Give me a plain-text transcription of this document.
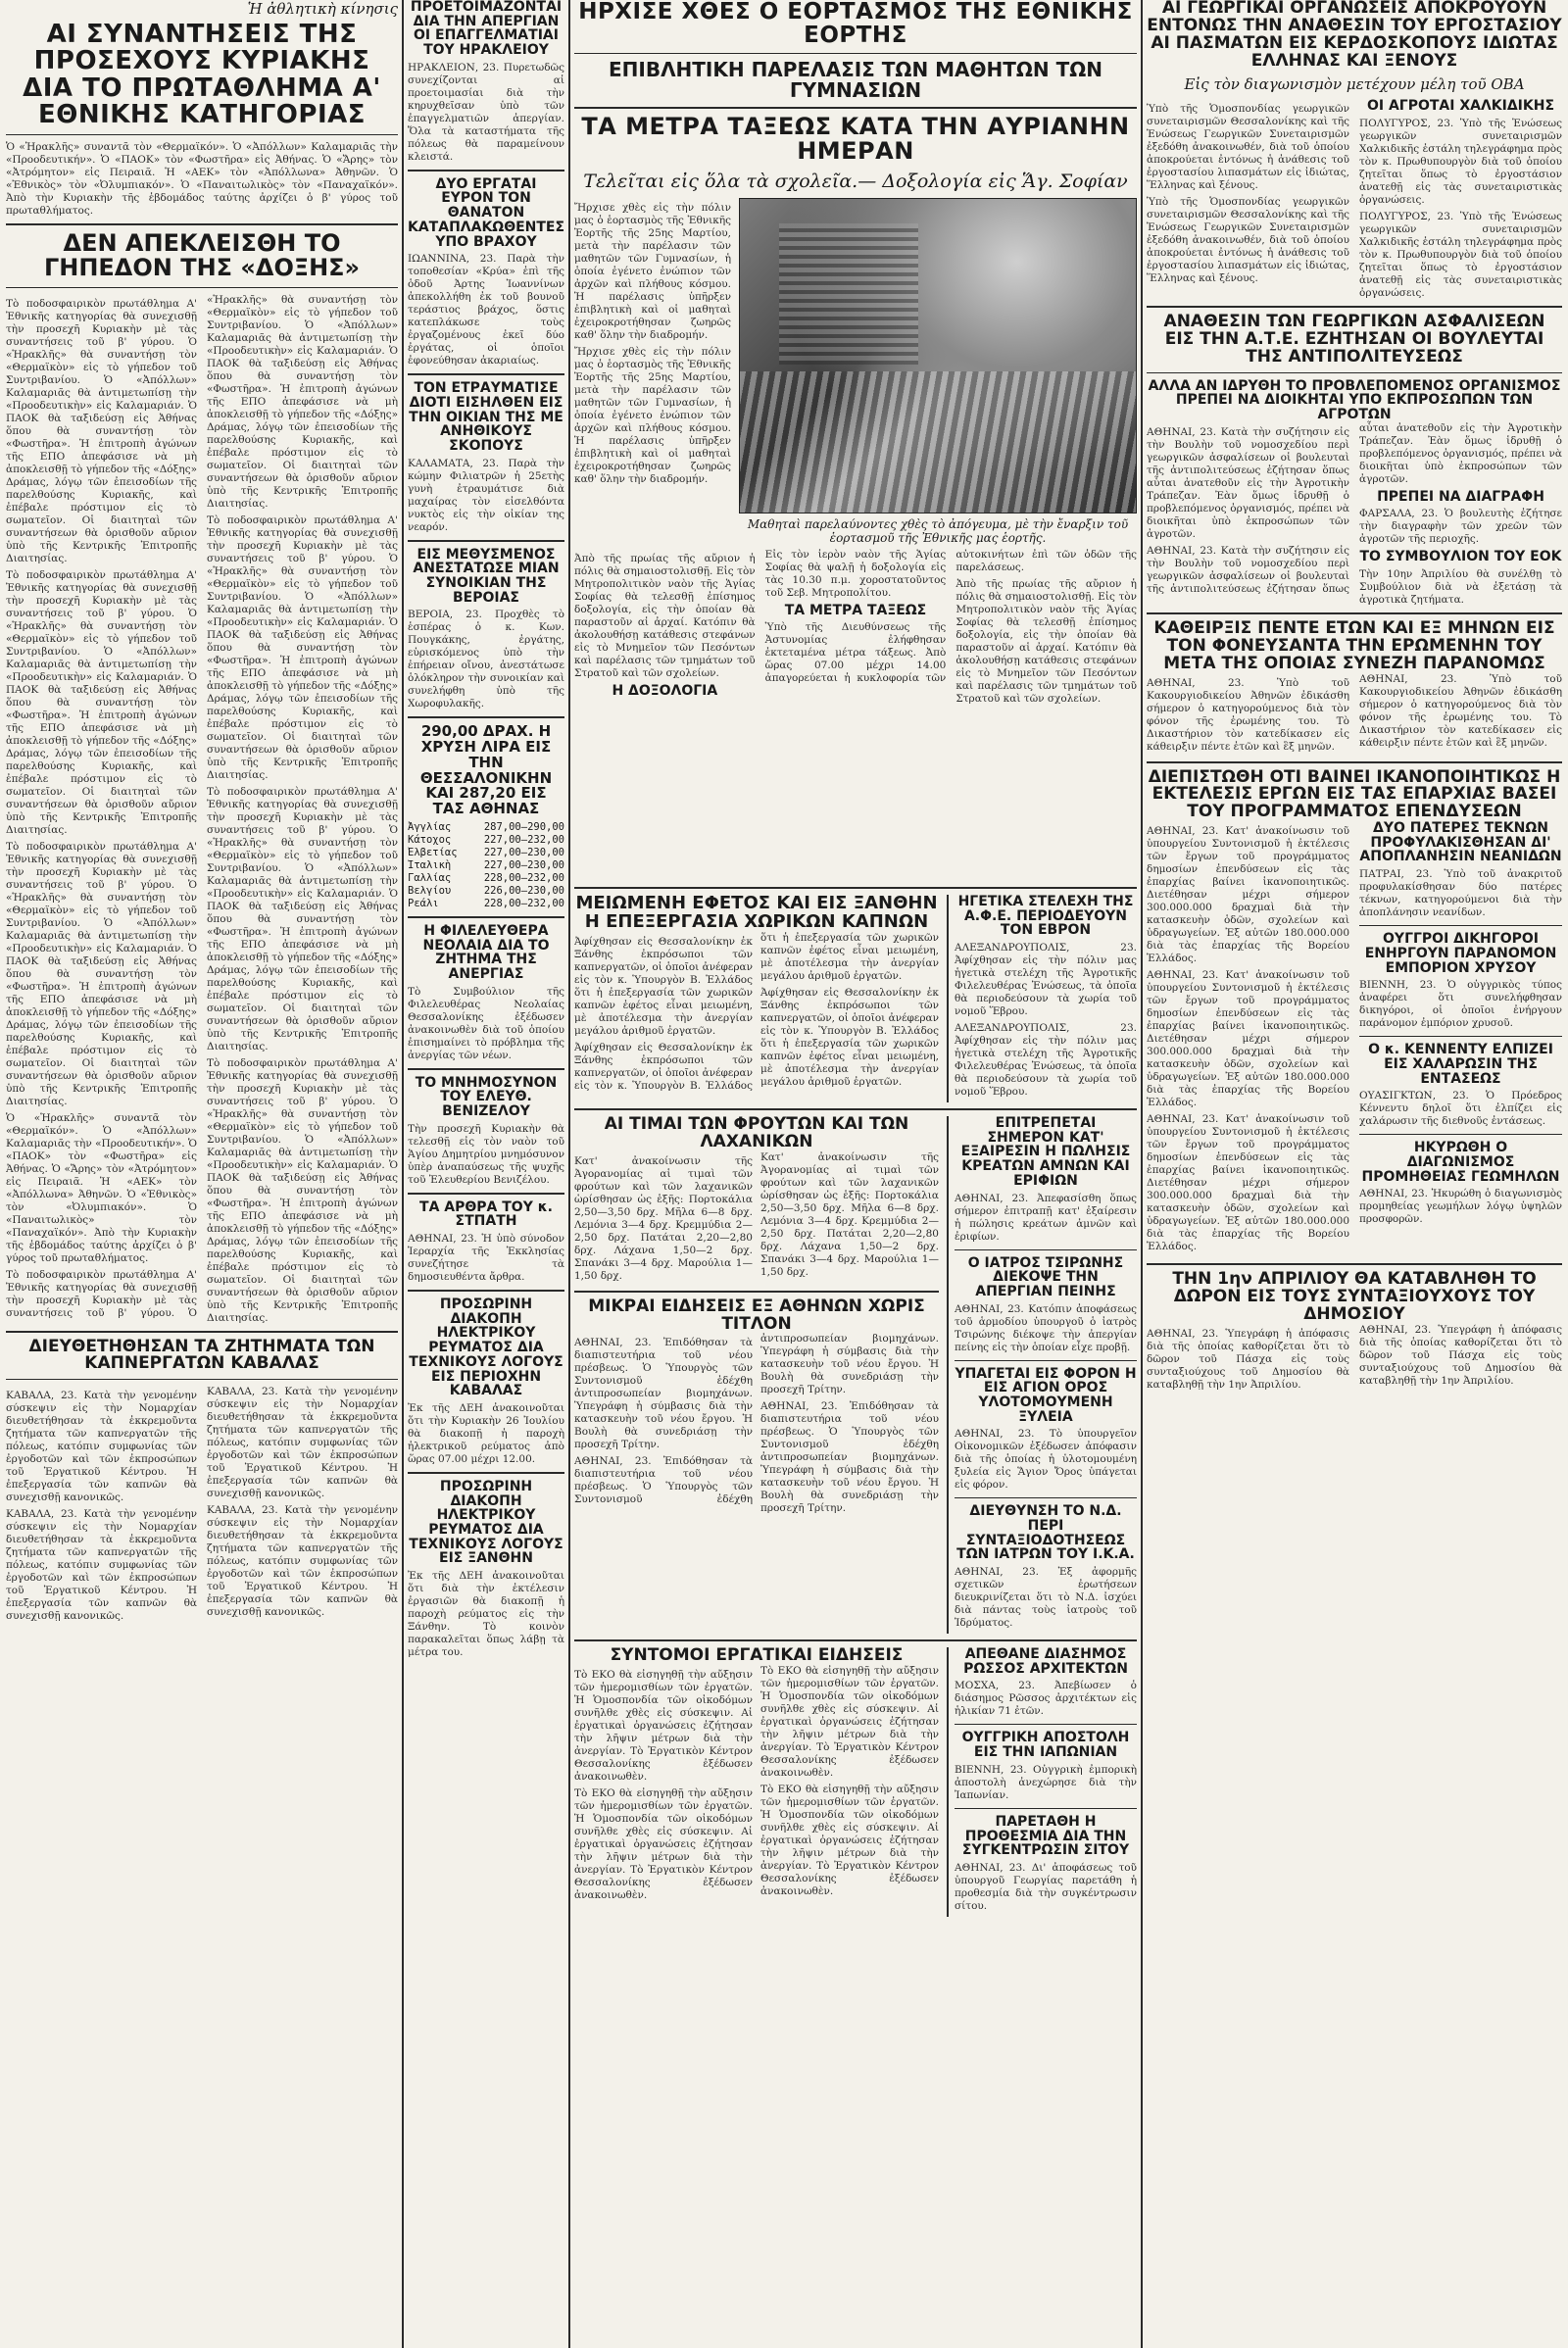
Ἡ ἀθλητικὴ κίνησις
ΑΙ ΣΥΝΑΝΤΗΣΕΙΣ ΤΗΣ ΠΡΟΣΕΧΟΥΣ ΚΥΡΙΑΚΗΣ ΔΙΑ ΤΟ ΠΡΩΤΑΘΛΗΜΑ Α' ΕΘΝΙΚΗΣ ΚΑΤΗΓΟΡΙΑΣ
Ὁ «Ἡρακλῆς» συναντᾶ τὸν «Θερμαϊκόν». Ὁ «Ἀπόλλων» Καλαμαριᾶς τὴν «Προοδευτικήν». Ὁ «ΠΑΟΚ» τὸν «Φωστῆρα» εἰς Ἀθήνας. Ὁ «Ἄρης» τὸν «Ἀτρόμητον» εἰς Πειραιᾶ. Ἡ «ΑΕΚ» τὸν «Ἀπόλλωνα» Ἀθηνῶν. Ὁ «Ἐθνικὸς» τὸν «Ὀλυμπιακόν». Ὁ «Παναιτωλικὸς» τὸν «Παναχαϊκόν». Ἀπὸ τὴν Κυριακὴν τῆς ἑβδομάδος ταύτης ἀρχίζει ὁ β' γύρος τοῦ πρωταθλήματος.
ΔΕΝ ΑΠΕΚΛΕΙΣΘΗ ΤΟ ΓΗΠΕΔΟΝ ΤΗΣ «ΔΟΞΗΣ»
Τὸ ποδοσφαιρικὸν πρωτάθλημα Α' Ἐθνικῆς κατηγορίας θὰ συνεχισθῇ τὴν προσεχῆ Κυριακὴν μὲ τὰς συναντήσεις τοῦ β' γύρου. Ὁ «Ἡρακλῆς» θὰ συναντήσῃ τὸν «Θερμαϊκὸν» εἰς τὸ γήπεδον τοῦ Συντριβανίου. Ὁ «Ἀπόλλων» Καλαμαριᾶς θὰ ἀντιμετωπίσῃ τὴν «Προοδευτικὴν» εἰς Καλαμαριάν. Ὁ ΠΑΟΚ θὰ ταξιδεύσῃ εἰς Ἀθήνας ὅπου θὰ συναντήσῃ τὸν «Φωστῆρα». Ἡ ἐπιτροπὴ ἀγώνων τῆς ΕΠΟ ἀπεφάσισε νὰ μὴ ἀποκλεισθῇ τὸ γήπεδον τῆς «Δόξης» Δράμας, λόγῳ τῶν ἐπεισοδίων τῆς παρελθούσης Κυριακῆς, καὶ ἐπέβαλε πρόστιμον εἰς τὸ σωματεῖον. Οἱ διαιτηταὶ τῶν συναντήσεων θὰ ὁρισθοῦν αὔριον ὑπὸ τῆς Κεντρικῆς Ἐπιτροπῆς Διαιτησίας.
Τὸ ποδοσφαιρικὸν πρωτάθλημα Α' Ἐθνικῆς κατηγορίας θὰ συνεχισθῇ τὴν προσεχῆ Κυριακὴν μὲ τὰς συναντήσεις τοῦ β' γύρου. Ὁ «Ἡρακλῆς» θὰ συναντήσῃ τὸν «Θερμαϊκὸν» εἰς τὸ γήπεδον τοῦ Συντριβανίου. Ὁ «Ἀπόλλων» Καλαμαριᾶς θὰ ἀντιμετωπίσῃ τὴν «Προοδευτικὴν» εἰς Καλαμαριάν. Ὁ ΠΑΟΚ θὰ ταξιδεύσῃ εἰς Ἀθήνας ὅπου θὰ συναντήσῃ τὸν «Φωστῆρα». Ἡ ἐπιτροπὴ ἀγώνων τῆς ΕΠΟ ἀπεφάσισε νὰ μὴ ἀποκλεισθῇ τὸ γήπεδον τῆς «Δόξης» Δράμας, λόγῳ τῶν ἐπεισοδίων τῆς παρελθούσης Κυριακῆς, καὶ ἐπέβαλε πρόστιμον εἰς τὸ σωματεῖον. Οἱ διαιτηταὶ τῶν συναντήσεων θὰ ὁρισθοῦν αὔριον ὑπὸ τῆς Κεντρικῆς Ἐπιτροπῆς Διαιτησίας.
Τὸ ποδοσφαιρικὸν πρωτάθλημα Α' Ἐθνικῆς κατηγορίας θὰ συνεχισθῇ τὴν προσεχῆ Κυριακὴν μὲ τὰς συναντήσεις τοῦ β' γύρου. Ὁ «Ἡρακλῆς» θὰ συναντήσῃ τὸν «Θερμαϊκὸν» εἰς τὸ γήπεδον τοῦ Συντριβανίου. Ὁ «Ἀπόλλων» Καλαμαριᾶς θὰ ἀντιμετωπίσῃ τὴν «Προοδευτικὴν» εἰς Καλαμαριάν. Ὁ ΠΑΟΚ θὰ ταξιδεύσῃ εἰς Ἀθήνας ὅπου θὰ συναντήσῃ τὸν «Φωστῆρα». Ἡ ἐπιτροπὴ ἀγώνων τῆς ΕΠΟ ἀπεφάσισε νὰ μὴ ἀποκλεισθῇ τὸ γήπεδον τῆς «Δόξης» Δράμας, λόγῳ τῶν ἐπεισοδίων τῆς παρελθούσης Κυριακῆς, καὶ ἐπέβαλε πρόστιμον εἰς τὸ σωματεῖον. Οἱ διαιτηταὶ τῶν συναντήσεων θὰ ὁρισθοῦν αὔριον ὑπὸ τῆς Κεντρικῆς Ἐπιτροπῆς Διαιτησίας.
Ὁ «Ἡρακλῆς» συναντᾶ τὸν «Θερμαϊκόν». Ὁ «Ἀπόλλων» Καλαμαριᾶς τὴν «Προοδευτικήν». Ὁ «ΠΑΟΚ» τὸν «Φωστῆρα» εἰς Ἀθήνας. Ὁ «Ἄρης» τὸν «Ἀτρόμητον» εἰς Πειραιᾶ. Ἡ «ΑΕΚ» τὸν «Ἀπόλλωνα» Ἀθηνῶν. Ὁ «Ἐθνικὸς» τὸν «Ὀλυμπιακόν». Ὁ «Παναιτωλικὸς» τὸν «Παναχαϊκόν». Ἀπὸ τὴν Κυριακὴν τῆς ἑβδομάδος ταύτης ἀρχίζει ὁ β' γύρος τοῦ πρωταθλήματος.
Τὸ ποδοσφαιρικὸν πρωτάθλημα Α' Ἐθνικῆς κατηγορίας θὰ συνεχισθῇ τὴν προσεχῆ Κυριακὴν μὲ τὰς συναντήσεις τοῦ β' γύρου. Ὁ «Ἡρακλῆς» θὰ συναντήσῃ τὸν «Θερμαϊκὸν» εἰς τὸ γήπεδον τοῦ Συντριβανίου. Ὁ «Ἀπόλλων» Καλαμαριᾶς θὰ ἀντιμετωπίσῃ τὴν «Προοδευτικὴν» εἰς Καλαμαριάν. Ὁ ΠΑΟΚ θὰ ταξιδεύσῃ εἰς Ἀθήνας ὅπου θὰ συναντήσῃ τὸν «Φωστῆρα». Ἡ ἐπιτροπὴ ἀγώνων τῆς ΕΠΟ ἀπεφάσισε νὰ μὴ ἀποκλεισθῇ τὸ γήπεδον τῆς «Δόξης» Δράμας, λόγῳ τῶν ἐπεισοδίων τῆς παρελθούσης Κυριακῆς, καὶ ἐπέβαλε πρόστιμον εἰς τὸ σωματεῖον. Οἱ διαιτηταὶ τῶν συναντήσεων θὰ ὁρισθοῦν αὔριον ὑπὸ τῆς Κεντρικῆς Ἐπιτροπῆς Διαιτησίας.
Τὸ ποδοσφαιρικὸν πρωτάθλημα Α' Ἐθνικῆς κατηγορίας θὰ συνεχισθῇ τὴν προσεχῆ Κυριακὴν μὲ τὰς συναντήσεις τοῦ β' γύρου. Ὁ «Ἡρακλῆς» θὰ συναντήσῃ τὸν «Θερμαϊκὸν» εἰς τὸ γήπεδον τοῦ Συντριβανίου. Ὁ «Ἀπόλλων» Καλαμαριᾶς θὰ ἀντιμετωπίσῃ τὴν «Προοδευτικὴν» εἰς Καλαμαριάν. Ὁ ΠΑΟΚ θὰ ταξιδεύσῃ εἰς Ἀθήνας ὅπου θὰ συναντήσῃ τὸν «Φωστῆρα». Ἡ ἐπιτροπὴ ἀγώνων τῆς ΕΠΟ ἀπεφάσισε νὰ μὴ ἀποκλεισθῇ τὸ γήπεδον τῆς «Δόξης» Δράμας, λόγῳ τῶν ἐπεισοδίων τῆς παρελθούσης Κυριακῆς, καὶ ἐπέβαλε πρόστιμον εἰς τὸ σωματεῖον. Οἱ διαιτηταὶ τῶν συναντήσεων θὰ ὁρισθοῦν αὔριον ὑπὸ τῆς Κεντρικῆς Ἐπιτροπῆς Διαιτησίας.
Τὸ ποδοσφαιρικὸν πρωτάθλημα Α' Ἐθνικῆς κατηγορίας θὰ συνεχισθῇ τὴν προσεχῆ Κυριακὴν μὲ τὰς συναντήσεις τοῦ β' γύρου. Ὁ «Ἡρακλῆς» θὰ συναντήσῃ τὸν «Θερμαϊκὸν» εἰς τὸ γήπεδον τοῦ Συντριβανίου. Ὁ «Ἀπόλλων» Καλαμαριᾶς θὰ ἀντιμετωπίσῃ τὴν «Προοδευτικὴν» εἰς Καλαμαριάν. Ὁ ΠΑΟΚ θὰ ταξιδεύσῃ εἰς Ἀθήνας ὅπου θὰ συναντήσῃ τὸν «Φωστῆρα». Ἡ ἐπιτροπὴ ἀγώνων τῆς ΕΠΟ ἀπεφάσισε νὰ μὴ ἀποκλεισθῇ τὸ γήπεδον τῆς «Δόξης» Δράμας, λόγῳ τῶν ἐπεισοδίων τῆς παρελθούσης Κυριακῆς, καὶ ἐπέβαλε πρόστιμον εἰς τὸ σωματεῖον. Οἱ διαιτηταὶ τῶν συναντήσεων θὰ ὁρισθοῦν αὔριον ὑπὸ τῆς Κεντρικῆς Ἐπιτροπῆς Διαιτησίας.
Τὸ ποδοσφαιρικὸν πρωτάθλημα Α' Ἐθνικῆς κατηγορίας θὰ συνεχισθῇ τὴν προσεχῆ Κυριακὴν μὲ τὰς συναντήσεις τοῦ β' γύρου. Ὁ «Ἡρακλῆς» θὰ συναντήσῃ τὸν «Θερμαϊκὸν» εἰς τὸ γήπεδον τοῦ Συντριβανίου. Ὁ «Ἀπόλλων» Καλαμαριᾶς θὰ ἀντιμετωπίσῃ τὴν «Προοδευτικὴν» εἰς Καλαμαριάν. Ὁ ΠΑΟΚ θὰ ταξιδεύσῃ εἰς Ἀθήνας ὅπου θὰ συναντήσῃ τὸν «Φωστῆρα». Ἡ ἐπιτροπὴ ἀγώνων τῆς ΕΠΟ ἀπεφάσισε νὰ μὴ ἀποκλεισθῇ τὸ γήπεδον τῆς «Δόξης» Δράμας, λόγῳ τῶν ἐπεισοδίων τῆς παρελθούσης Κυριακῆς, καὶ ἐπέβαλε πρόστιμον εἰς τὸ σωματεῖον. Οἱ διαιτηταὶ τῶν συναντήσεων θὰ ὁρισθοῦν αὔριον ὑπὸ τῆς Κεντρικῆς Ἐπιτροπῆς Διαιτησίας.
ΔΙΕΥΘΕΤΗΘΗΣΑΝ ΤΑ ΖΗΤΗΜΑΤΑ ΤΩΝ ΚΑΠΝΕΡΓΑΤΩΝ ΚΑΒΑΛΑΣ
ΚΑΒΑΛΑ, 23. Κατὰ τὴν γενομένην σύσκεψιν εἰς τὴν Νομαρχίαν διευθετήθησαν τὰ ἐκκρεμοῦντα ζητήματα τῶν καπνεργατῶν τῆς πόλεως, κατόπιν συμφωνίας τῶν ἐργοδοτῶν καὶ τῶν ἐκπροσώπων τοῦ Ἐργατικοῦ Κέντρου. Ἡ ἐπεξεργασία τῶν καπνῶν θὰ συνεχισθῇ κανονικῶς.
ΚΑΒΑΛΑ, 23. Κατὰ τὴν γενομένην σύσκεψιν εἰς τὴν Νομαρχίαν διευθετήθησαν τὰ ἐκκρεμοῦντα ζητήματα τῶν καπνεργατῶν τῆς πόλεως, κατόπιν συμφωνίας τῶν ἐργοδοτῶν καὶ τῶν ἐκπροσώπων τοῦ Ἐργατικοῦ Κέντρου. Ἡ ἐπεξεργασία τῶν καπνῶν θὰ συνεχισθῇ κανονικῶς.
ΚΑΒΑΛΑ, 23. Κατὰ τὴν γενομένην σύσκεψιν εἰς τὴν Νομαρχίαν διευθετήθησαν τὰ ἐκκρεμοῦντα ζητήματα τῶν καπνεργατῶν τῆς πόλεως, κατόπιν συμφωνίας τῶν ἐργοδοτῶν καὶ τῶν ἐκπροσώπων τοῦ Ἐργατικοῦ Κέντρου. Ἡ ἐπεξεργασία τῶν καπνῶν θὰ συνεχισθῇ κανονικῶς.
ΚΑΒΑΛΑ, 23. Κατὰ τὴν γενομένην σύσκεψιν εἰς τὴν Νομαρχίαν διευθετήθησαν τὰ ἐκκρεμοῦντα ζητήματα τῶν καπνεργατῶν τῆς πόλεως, κατόπιν συμφωνίας τῶν ἐργοδοτῶν καὶ τῶν ἐκπροσώπων τοῦ Ἐργατικοῦ Κέντρου. Ἡ ἐπεξεργασία τῶν καπνῶν θὰ συνεχισθῇ κανονικῶς.
ΠΡΟΕΤΟΙΜΑΖΟΝΤΑΙ ΔΙΑ ΤΗΝ ΑΠΕΡΓΙΑΝ ΟΙ ΕΠΑΓΓΕΛΜΑΤΙΑΙ ΤΟΥ ΗΡΑΚΛΕΙΟΥ
ΗΡΑΚΛΕΙΟΝ, 23. Πυρετωδῶς συνεχίζονται αἱ προετοιμασίαι διὰ τὴν κηρυχθεῖσαν ὑπὸ τῶν ἐπαγγελματιῶν ἀπεργίαν. Ὅλα τὰ καταστήματα τῆς πόλεως θὰ παραμείνουν κλειστά.
ΔΥΟ ΕΡΓΑΤΑΙ ΕΥΡΟΝ ΤΟΝ ΘΑΝΑΤΟΝ ΚΑΤΑΠΛΑΚΩΘΕΝΤΕΣ ΥΠΟ ΒΡΑΧΟΥ
ΙΩΑΝΝΙΝΑ, 23. Παρὰ τὴν τοποθεσίαν «Κρύα» ἐπὶ τῆς ὁδοῦ Ἀρτης Ἰωαννίνων ἀπεκολλήθη ἐκ τοῦ βουνοῦ τεράστιος βράχος, ὅστις κατεπλάκωσε τοὺς ἐργαζομένους ἐκεῖ δύο ἐργάτας, οἱ ὁποῖοι ἐφονεύθησαν ἀκαριαίως.
ΤΟΝ ΕΤΡΑΥΜΑΤΙΣΕ ΔΙΟΤΙ ΕΙΣΗΛΘΕΝ ΕΙΣ ΤΗΝ ΟΙΚΙΑΝ ΤΗΣ ΜΕ ΑΝΗΘΙΚΟΥΣ ΣΚΟΠΟΥΣ
ΚΑΛΑΜΑΤΑ, 23. Παρὰ τὴν κώμην Φιλιατρῶν ἡ 25ετὴς γυνὴ ἐτραυμάτισε διὰ μαχαίρας τὸν εἰσελθόντα νυκτὸς εἰς τὴν οἰκίαν της νεαρόν.
ΕΙΣ ΜΕΘΥΣΜΕΝΟΣ ΑΝΕΣΤΑΤΩΣΕ ΜΙΑΝ ΣΥΝΟΙΚΙΑΝ ΤΗΣ ΒΕΡΟΙΑΣ
ΒΕΡΟΙΑ, 23. Προχθὲς τὸ ἑσπέρας ὁ κ. Κων. Πουγκάκης, ἐργάτης, εὑρισκόμενος ὑπὸ τὴν ἐπήρειαν οἴνου, ἀνεστάτωσε ὁλόκληρον τὴν συνοικίαν καὶ συνελήφθη ὑπὸ τῆς Χωροφυλακῆς.
290,00 ΔΡΑΧ. Η ΧΡΥΣΗ ΛΙΡΑ ΕΙΣ ΤΗΝ ΘΕΣΣΑΛΟΝΙΚΗΝ ΚΑΙ 287,20 ΕΙΣ ΤΑΣ ΑΘΗΝΑΣ
Ἀγγλίας	287,00—290,00
Κάτοχος	227,00—232,00
Ἑλβετίας	227,00—230,00
Ἰταλικὴ	227,00—230,00
Γαλλίας	228,00—232,00
Βελγίου	226,00—230,00
Ρεάλι	228,00—232,00
Η ΦΙΛΕΛΕΥΘΕΡΑ ΝΕΟΛΑΙΑ ΔΙΑ ΤΟ ΖΗΤΗΜΑ ΤΗΣ ΑΝΕΡΓΙΑΣ
Τὸ Συμβούλιον τῆς Φιλελευθέρας Νεολαίας Θεσσαλονίκης ἐξέδωσεν ἀνακοινωθὲν διὰ τοῦ ὁποίου ἐπισημαίνει τὸ πρόβλημα τῆς ἀνεργίας τῶν νέων.
ΤΟ ΜΝΗΜΟΣΥΝΟΝ ΤΟΥ ΕΛΕΥΘ. ΒΕΝΙΖΕΛΟΥ
Τὴν προσεχῆ Κυριακὴν θὰ τελεσθῇ εἰς τὸν ναὸν τοῦ Ἁγίου Δημητρίου μνημόσυνον ὑπὲρ ἀναπαύσεως τῆς ψυχῆς τοῦ Ἐλευθερίου Βενιζέλου.
ΤΑ ΑΡΘΡΑ ΤΟΥ κ. ΣΤΠΑΤΗ
ΑΘΗΝΑΙ, 23. Ἡ ὑπὸ σύνοδον Ἱεραρχία τῆς Ἐκκλησίας συνεζήτησε τὰ δημοσιευθέντα ἄρθρα.
ΠΡΟΣΩΡΙΝΗ ΔΙΑΚΟΠΗ ΗΛΕΚΤΡΙΚΟΥ ΡΕΥΜΑΤΟΣ ΔΙΑ ΤΕΧΝΙΚΟΥΣ ΛΟΓΟΥΣ ΕΙΣ ΠΕΡΙΟΧΗΝ ΚΑΒΑΛΑΣ
Ἐκ τῆς ΔΕΗ ἀνακοινοῦται ὅτι τὴν Κυριακὴν 26 Ἰουλίου θὰ διακοπῇ ἡ παροχὴ ἠλεκτρικοῦ ρεύματος ἀπὸ ὥρας 07.00 μέχρι 12.00.
ΠΡΟΣΩΡΙΝΗ ΔΙΑΚΟΠΗ ΗΛΕΚΤΡΙΚΟΥ ΡΕΥΜΑΤΟΣ ΔΙΑ ΤΕΧΝΙΚΟΥΣ ΛΟΓΟΥΣ ΕΙΣ ΞΑΝΘΗΝ
Ἐκ τῆς ΔΕΗ ἀνακοινοῦται ὅτι διὰ τὴν ἐκτέλεσιν ἐργασιῶν θὰ διακοπῇ ἡ παροχὴ ρεύματος εἰς τὴν Ξάνθην. Τὸ κοινὸν παρακαλεῖται ὅπως λάβῃ τὰ μέτρα του.
ΗΡΧΙΣΕ ΧΘΕΣ Ο ΕΟΡΤΑΣΜΟΣ ΤΗΣ ΕΘΝΙΚΗΣ ΕΟΡΤΗΣ
ΕΠΙΒΛΗΤΙΚΗ ΠΑΡΕΛΑΣΙΣ ΤΩΝ ΜΑΘΗΤΩΝ ΤΩΝ ΓΥΜΝΑΣΙΩΝ
ΤΑ ΜΕΤΡΑ ΤΑΞΕΩΣ ΚΑΤΑ ΤΗΝ ΑΥΡΙΑΝΗΝ ΗΜΕΡΑΝ
Τελεῖται εἰς ὅλα τὰ σχολεῖα.— Δοξολογία εἰς Ἅγ. Σοφίαν
Ἤρχισε χθὲς εἰς τὴν πόλιν μας ὁ ἑορτασμὸς τῆς Ἐθνικῆς Ἑορτῆς τῆς 25ης Μαρτίου, μετὰ τὴν παρέλασιν τῶν μαθητῶν τῶν Γυμνασίων, ἡ ὁποία ἐγένετο ἐνώπιον τῶν ἀρχῶν καὶ πλήθους κόσμου. Ἡ παρέλασις ὑπῆρξεν ἐπιβλητικὴ καὶ οἱ μαθηταὶ ἐχειροκροτήθησαν ζωηρῶς καθ' ὅλην τὴν διαδρομήν.
Ἤρχισε χθὲς εἰς τὴν πόλιν μας ὁ ἑορτασμὸς τῆς Ἐθνικῆς Ἑορτῆς τῆς 25ης Μαρτίου, μετὰ τὴν παρέλασιν τῶν μαθητῶν τῶν Γυμνασίων, ἡ ὁποία ἐγένετο ἐνώπιον τῶν ἀρχῶν καὶ πλήθους κόσμου. Ἡ παρέλασις ὑπῆρξεν ἐπιβλητικὴ καὶ οἱ μαθηταὶ ἐχειροκροτήθησαν ζωηρῶς καθ' ὅλην τὴν διαδρομήν.
Μαθηταὶ παρελαύνοντες χθὲς τὸ ἀπόγευμα, μὲ τὴν ἔναρξιν τοῦ ἑορτασμοῦ τῆς Ἐθνικῆς μας ἑορτῆς.
Ἀπὸ τῆς πρωίας τῆς αὔριον ἡ πόλις θὰ σημαιοστολισθῇ. Εἰς τὸν Μητροπολιτικὸν ναὸν τῆς Ἁγίας Σοφίας θὰ τελεσθῇ ἐπίσημος δοξολογία, εἰς τὴν ὁποίαν θὰ παραστοῦν αἱ ἀρχαί. Κατόπιν θὰ ἀκολουθήσῃ κατάθεσις στεφάνων εἰς τὸ Μνημεῖον τῶν Πεσόντων καὶ παρέλασις τῶν τμημάτων τοῦ Στρατοῦ καὶ τῶν σχολείων.
Η ΔΟΞΟΛΟΓΙΑ
Εἰς τὸν ἱερὸν ναὸν τῆς Ἁγίας Σοφίας θὰ ψαλῇ ἡ δοξολογία εἰς τὰς 10.30 π.μ. χοροστατοῦντος τοῦ Σεβ. Μητροπολίτου.
ΤΑ ΜΕΤΡΑ ΤΑΞΕΩΣ
Ὑπὸ τῆς Διευθύνσεως τῆς Ἀστυνομίας ἐλήφθησαν ἐκτεταμένα μέτρα τάξεως. Ἀπὸ ὥρας 07.00 μέχρι 14.00 ἀπαγορεύεται ἡ κυκλοφορία τῶν αὐτοκινήτων ἐπὶ τῶν ὁδῶν τῆς παρελάσεως.
Ἀπὸ τῆς πρωίας τῆς αὔριον ἡ πόλις θὰ σημαιοστολισθῇ. Εἰς τὸν Μητροπολιτικὸν ναὸν τῆς Ἁγίας Σοφίας θὰ τελεσθῇ ἐπίσημος δοξολογία, εἰς τὴν ὁποίαν θὰ παραστοῦν αἱ ἀρχαί. Κατόπιν θὰ ἀκολουθήσῃ κατάθεσις στεφάνων εἰς τὸ Μνημεῖον τῶν Πεσόντων καὶ παρέλασις τῶν τμημάτων τοῦ Στρατοῦ καὶ τῶν σχολείων.
ΑΙ ΓΕΩΡΓΙΚΑΙ ΟΡΓΑΝΩΣΕΙΣ ΑΠΟΚΡΟΥΟΥΝ ΕΝΤΟΝΩΣ ΤΗΝ ΑΝΑΘΕΣΙΝ ΤΟΥ ΕΡΓΟΣΤΑΣΙΟΥ ΑΙ ΠΑΣΜΑΤΩΝ ΕΙΣ ΚΕΡΔΟΣΚΟΠΟΥΣ ΙΔΙΩΤΑΣ ΕΛΛΗΝΑΣ ΚΑΙ ΞΕΝΟΥΣ
Εἰς τὸν διαγωνισμὸν μετέχουν μέλη τοῦ ΟΒΑ
Ὑπὸ τῆς Ὁμοσπονδίας γεωργικῶν συνεταιρισμῶν Θεσσαλονίκης καὶ τῆς Ἑνώσεως Γεωργικῶν Συνεταιρισμῶν ἐξεδόθη ἀνακοινωθέν, διὰ τοῦ ὁποίου ἀποκρούεται ἐντόνως ἡ ἀνάθεσις τοῦ ἐργοστασίου λιπασμάτων εἰς ἰδιώτας, Ἕλληνας καὶ ξένους.
Ὑπὸ τῆς Ὁμοσπονδίας γεωργικῶν συνεταιρισμῶν Θεσσαλονίκης καὶ τῆς Ἑνώσεως Γεωργικῶν Συνεταιρισμῶν ἐξεδόθη ἀνακοινωθέν, διὰ τοῦ ὁποίου ἀποκρούεται ἐντόνως ἡ ἀνάθεσις τοῦ ἐργοστασίου λιπασμάτων εἰς ἰδιώτας, Ἕλληνας καὶ ξένους.
ΟΙ ΑΓΡΟΤΑΙ ΧΑΛΚΙΔΙΚΗΣ
ΠΟΛΥΓΥΡΟΣ, 23. Ὑπὸ τῆς Ἑνώσεως γεωργικῶν συνεταιρισμῶν Χαλκιδικῆς ἐστάλη τηλεγράφημα πρὸς τὸν κ. Πρωθυπουργὸν διὰ τοῦ ὁποίου ζητεῖται ὅπως τὸ ἐργοστάσιον ἀνατεθῇ εἰς τὰς συνεταιριστικὰς ὀργανώσεις.
ΠΟΛΥΓΥΡΟΣ, 23. Ὑπὸ τῆς Ἑνώσεως γεωργικῶν συνεταιρισμῶν Χαλκιδικῆς ἐστάλη τηλεγράφημα πρὸς τὸν κ. Πρωθυπουργὸν διὰ τοῦ ὁποίου ζητεῖται ὅπως τὸ ἐργοστάσιον ἀνατεθῇ εἰς τὰς συνεταιριστικὰς ὀργανώσεις.
ΑΝΑΘΕΣΙΝ ΤΩΝ ΓΕΩΡΓΙΚΩΝ ΑΣΦΑΛΙΣΕΩΝ ΕΙΣ ΤΗΝ Α.Τ.Ε. ΕΖΗΤΗΣΑΝ ΟΙ ΒΟΥΛΕΥΤΑΙ ΤΗΣ ΑΝΤΙΠΟΛΙΤΕΥΣΕΩΣ
ΑΛΛΑ ΑΝ ΙΔΡΥΘΗ ΤΟ ΠΡΟΒΛΕΠΟΜΕΝΟΣ ΟΡΓΑΝΙΣΜΟΣ ΠΡΕΠΕΙ ΝΑ ΔΙΟΙΚΗΤΑΙ ΥΠΟ ΕΚΠΡΟΣΩΠΩΝ ΤΩΝ ΑΓΡΟΤΩΝ
ΑΘΗΝΑΙ, 23. Κατὰ τὴν συζήτησιν εἰς τὴν Βουλὴν τοῦ νομοσχεδίου περὶ γεωργικῶν ἀσφαλίσεων οἱ βουλευταὶ τῆς ἀντιπολιτεύσεως ἐζήτησαν ὅπως αὗται ἀνατεθοῦν εἰς τὴν Ἀγροτικὴν Τράπεζαν. Ἐὰν ὅμως ἱδρυθῇ ὁ προβλεπόμενος ὀργανισμός, πρέπει νὰ διοικῆται ὑπὸ ἐκπροσώπων τῶν ἀγροτῶν.
ΑΘΗΝΑΙ, 23. Κατὰ τὴν συζήτησιν εἰς τὴν Βουλὴν τοῦ νομοσχεδίου περὶ γεωργικῶν ἀσφαλίσεων οἱ βουλευταὶ τῆς ἀντιπολιτεύσεως ἐζήτησαν ὅπως αὗται ἀνατεθοῦν εἰς τὴν Ἀγροτικὴν Τράπεζαν. Ἐὰν ὅμως ἱδρυθῇ ὁ προβλεπόμενος ὀργανισμός, πρέπει νὰ διοικῆται ὑπὸ ἐκπροσώπων τῶν ἀγροτῶν.
ΠΡΕΠΕΙ ΝΑ ΔΙΑΓΡΑΦΗ
ΦΑΡΣΑΛΑ, 23. Ὁ βουλευτὴς ἐζήτησε τὴν διαγραφὴν τῶν χρεῶν τῶν ἀγροτῶν τῆς περιοχῆς.
ΤΟ ΣΥΜΒΟΥΛΙΟΝ ΤΟΥ ΕΟΚ
Τὴν 10ην Ἀπριλίου θὰ συνέλθῃ τὸ Συμβούλιον διὰ νὰ ἐξετάσῃ τὰ ἀγροτικὰ ζητήματα.
ΚΑΘΕΙΡΞΙΣ ΠΕΝΤΕ ΕΤΩΝ ΚΑΙ ΕΞ ΜΗΝΩΝ ΕΙΣ ΤΟΝ ΦΟΝΕΥΣΑΝΤΑ ΤΗΝ ΕΡΩΜΕΝΗΝ ΤΟΥ ΜΕΤΑ ΤΗΣ ΟΠΟΙΑΣ ΣΥΝΕΖΗ ΠΑΡΑΝΟΜΩΣ
ΑΘΗΝΑΙ, 23. Ὑπὸ τοῦ Κακουργιοδικείου Ἀθηνῶν ἐδικάσθη σήμερον ὁ κατηγορούμενος διὰ τὸν φόνον τῆς ἐρωμένης του. Τὸ Δικαστήριον τὸν κατεδίκασεν εἰς κάθειρξιν πέντε ἐτῶν καὶ ἓξ μηνῶν.
ΑΘΗΝΑΙ, 23. Ὑπὸ τοῦ Κακουργιοδικείου Ἀθηνῶν ἐδικάσθη σήμερον ὁ κατηγορούμενος διὰ τὸν φόνον τῆς ἐρωμένης του. Τὸ Δικαστήριον τὸν κατεδίκασεν εἰς κάθειρξιν πέντε ἐτῶν καὶ ἓξ μηνῶν.
ΔΙΕΠΙΣΤΩΘΗ ΟΤΙ ΒΑΙΝΕΙ ΙΚΑΝΟΠΟΙΗΤΙΚΩΣ Η ΕΚΤΕΛΕΣΙΣ ΕΡΓΩΝ ΕΙΣ ΤΑΣ ΕΠΑΡΧΙΑΣ ΒΑΣΕΙ ΤΟΥ ΠΡΟΓΡΑΜΜΑΤΟΣ ΕΠΕΝΔΥΣΕΩΝ
ΑΘΗΝΑΙ, 23. Κατ' ἀνακοίνωσιν τοῦ ὑπουργείου Συντονισμοῦ ἡ ἐκτέλεσις τῶν ἔργων τοῦ προγράμματος δημοσίων ἐπενδύσεων εἰς τὰς ἐπαρχίας βαίνει ἱκανοποιητικῶς. Διετέθησαν μέχρι σήμερον 300.000.000 δραχμαὶ διὰ τὴν κατασκευὴν ὁδῶν, σχολείων καὶ ὑδραγωγείων. Ἐξ αὐτῶν 180.000.000 διὰ τὰς ἐπαρχίας τῆς Βορείου Ἑλλάδος.
ΑΘΗΝΑΙ, 23. Κατ' ἀνακοίνωσιν τοῦ ὑπουργείου Συντονισμοῦ ἡ ἐκτέλεσις τῶν ἔργων τοῦ προγράμματος δημοσίων ἐπενδύσεων εἰς τὰς ἐπαρχίας βαίνει ἱκανοποιητικῶς. Διετέθησαν μέχρι σήμερον 300.000.000 δραχμαὶ διὰ τὴν κατασκευὴν ὁδῶν, σχολείων καὶ ὑδραγωγείων. Ἐξ αὐτῶν 180.000.000 διὰ τὰς ἐπαρχίας τῆς Βορείου Ἑλλάδος.
ΑΘΗΝΑΙ, 23. Κατ' ἀνακοίνωσιν τοῦ ὑπουργείου Συντονισμοῦ ἡ ἐκτέλεσις τῶν ἔργων τοῦ προγράμματος δημοσίων ἐπενδύσεων εἰς τὰς ἐπαρχίας βαίνει ἱκανοποιητικῶς. Διετέθησαν μέχρι σήμερον 300.000.000 δραχμαὶ διὰ τὴν κατασκευὴν ὁδῶν, σχολείων καὶ ὑδραγωγείων. Ἐξ αὐτῶν 180.000.000 διὰ τὰς ἐπαρχίας τῆς Βορείου Ἑλλάδος.
ΔΥΟ ΠΑΤΕΡΕΣ ΤΕΚΝΩΝ ΠΡΟΦΥΛΑΚΙΣΘΗΣΑΝ ΔΙ' ΑΠΟΠΛΑΝΗΣΙΝ ΝΕΑΝΙΔΩΝ
ΠΑΤΡΑΙ, 23. Ὑπὸ τοῦ ἀνακριτοῦ προφυλακίσθησαν δύο πατέρες τέκνων, κατηγορούμενοι διὰ τὴν ἀποπλάνησιν νεανίδων.
ΟΥΓΓΡΟΙ ΔΙΚΗΓΟΡΟΙ ΕΝΗΡΓΟΥΝ ΠΑΡΑΝΟΜΟΝ ΕΜΠΟΡΙΟΝ ΧΡΥΣΟΥ
ΒΙΕΝΝΗ, 23. Ὁ οὐγγρικὸς τύπος ἀναφέρει ὅτι συνελήφθησαν δικηγόροι, οἱ ὁποῖοι ἐνήργουν παράνομον ἐμπόριον χρυσοῦ.
Ο κ. ΚΕΝΝΕΝΤΥ ΕΛΠΙΖΕΙ ΕΙΣ ΧΑΛΑΡΩΣΙΝ ΤΗΣ ΕΝΤΑΣΕΩΣ
ΟΥΑΣΙΓΚΤΩΝ, 23. Ὁ Πρόεδρος Κέννεντυ δηλοῖ ὅτι ἐλπίζει εἰς χαλάρωσιν τῆς διεθνοῦς ἐντάσεως.
ΗΚΥΡΩΘΗ Ο ΔΙΑΓΩΝΙΣΜΟΣ ΠΡΟΜΗΘΕΙΑΣ ΓΕΩΜΗΛΩΝ
ΑΘΗΝΑΙ, 23. Ἠκυρώθη ὁ διαγωνισμὸς προμηθείας γεωμήλων λόγῳ ὑψηλῶν προσφορῶν.
ΤΗΝ 1ην ΑΠΡΙΛΙΟΥ ΘΑ ΚΑΤΑΒΛΗΘΗ ΤΟ ΔΩΡΟΝ ΕΙΣ ΤΟΥΣ ΣΥΝΤΑΞΙΟΥΧΟΥΣ ΤΟΥ ΔΗΜΟΣΙΟΥ
ΑΘΗΝΑΙ, 23. Ὑπεγράφη ἡ ἀπόφασις διὰ τῆς ὁποίας καθορίζεται ὅτι τὸ δῶρον τοῦ Πάσχα εἰς τοὺς συνταξιούχους τοῦ Δημοσίου θὰ καταβληθῇ τὴν 1ην Ἀπριλίου.
ΑΘΗΝΑΙ, 23. Ὑπεγράφη ἡ ἀπόφασις διὰ τῆς ὁποίας καθορίζεται ὅτι τὸ δῶρον τοῦ Πάσχα εἰς τοὺς συνταξιούχους τοῦ Δημοσίου θὰ καταβληθῇ τὴν 1ην Ἀπριλίου.
ΜΕΙΩΜΕΝΗ ΕΦΕΤΟΣ ΚΑΙ ΕΙΣ ΞΑΝΘΗΝ Η ΕΠΕΞΕΡΓΑΣΙΑ ΧΩΡΙΚΩΝ ΚΑΠΝΩΝ
Ἀφίχθησαν εἰς Θεσσαλονίκην ἐκ Ξάνθης ἐκπρόσωποι τῶν καπνεργατῶν, οἱ ὁποῖοι ἀνέφεραν εἰς τὸν κ. Ὑπουργὸν Β. Ἑλλάδος ὅτι ἡ ἐπεξεργασία τῶν χωρικῶν καπνῶν ἐφέτος εἶναι μειωμένη, μὲ ἀποτέλεσμα τὴν ἀνεργίαν μεγάλου ἀριθμοῦ ἐργατῶν.
Ἀφίχθησαν εἰς Θεσσαλονίκην ἐκ Ξάνθης ἐκπρόσωποι τῶν καπνεργατῶν, οἱ ὁποῖοι ἀνέφεραν εἰς τὸν κ. Ὑπουργὸν Β. Ἑλλάδος ὅτι ἡ ἐπεξεργασία τῶν χωρικῶν καπνῶν ἐφέτος εἶναι μειωμένη, μὲ ἀποτέλεσμα τὴν ἀνεργίαν μεγάλου ἀριθμοῦ ἐργατῶν.
Ἀφίχθησαν εἰς Θεσσαλονίκην ἐκ Ξάνθης ἐκπρόσωποι τῶν καπνεργατῶν, οἱ ὁποῖοι ἀνέφεραν εἰς τὸν κ. Ὑπουργὸν Β. Ἑλλάδος ὅτι ἡ ἐπεξεργασία τῶν χωρικῶν καπνῶν ἐφέτος εἶναι μειωμένη, μὲ ἀποτέλεσμα τὴν ἀνεργίαν μεγάλου ἀριθμοῦ ἐργατῶν.
ΗΓΕΤΙΚΑ ΣΤΕΛΕΧΗ ΤΗΣ Α.Φ.Ε. ΠΕΡΙΟΔΕΥΟΥΝ ΤΟΝ ΕΒΡΟΝ
ΑΛΕΞΑΝΔΡΟΥΠΟΛΙΣ, 23. Ἀφίχθησαν εἰς τὴν πόλιν μας ἡγετικὰ στελέχη τῆς Ἀγροτικῆς Φιλελευθέρας Ἑνώσεως, τὰ ὁποῖα θὰ περιοδεύσουν τὰ χωρία τοῦ νομοῦ Ἕβρου.
ΑΛΕΞΑΝΔΡΟΥΠΟΛΙΣ, 23. Ἀφίχθησαν εἰς τὴν πόλιν μας ἡγετικὰ στελέχη τῆς Ἀγροτικῆς Φιλελευθέρας Ἑνώσεως, τὰ ὁποῖα θὰ περιοδεύσουν τὰ χωρία τοῦ νομοῦ Ἕβρου.
ΑΙ ΤΙΜΑΙ ΤΩΝ ΦΡΟΥΤΩΝ ΚΑΙ ΤΩΝ ΛΑΧΑΝΙΚΩΝ
Κατ' ἀνακοίνωσιν τῆς Ἀγορανομίας αἱ τιμαὶ τῶν φρούτων καὶ τῶν λαχανικῶν ὡρίσθησαν ὡς ἑξῆς: Πορτοκάλια 2,50—3,50 δρχ. Μῆλα 6—8 δρχ. Λεμόνια 3—4 δρχ. Κρεμμύδια 2—2,50 δρχ. Πατάται 2,20—2,80 δρχ. Λάχανα 1,50—2 δρχ. Σπανάκι 3—4 δρχ. Μαρούλια 1—1,50 δρχ.
Κατ' ἀνακοίνωσιν τῆς Ἀγορανομίας αἱ τιμαὶ τῶν φρούτων καὶ τῶν λαχανικῶν ὡρίσθησαν ὡς ἑξῆς: Πορτοκάλια 2,50—3,50 δρχ. Μῆλα 6—8 δρχ. Λεμόνια 3—4 δρχ. Κρεμμύδια 2—2,50 δρχ. Πατάται 2,20—2,80 δρχ. Λάχανα 1,50—2 δρχ. Σπανάκι 3—4 δρχ. Μαρούλια 1—1,50 δρχ.
ΜΙΚΡΑΙ ΕΙΔΗΣΕΙΣ ΕΞ ΑΘΗΝΩΝ ΧΩΡΙΣ ΤΙΤΛΟΝ
ΑΘΗΝΑΙ, 23. Ἐπιδόθησαν τὰ διαπιστευτήρια τοῦ νέου πρέσβεως. Ὁ Ὑπουργὸς τῶν Συντονισμοῦ ἐδέχθη ἀντιπροσωπείαν βιομηχάνων. Ὑπεγράφη ἡ σύμβασις διὰ τὴν κατασκευὴν τοῦ νέου ἔργου. Ἡ Βουλὴ θὰ συνεδριάσῃ τὴν προσεχῆ Τρίτην.
ΑΘΗΝΑΙ, 23. Ἐπιδόθησαν τὰ διαπιστευτήρια τοῦ νέου πρέσβεως. Ὁ Ὑπουργὸς τῶν Συντονισμοῦ ἐδέχθη ἀντιπροσωπείαν βιομηχάνων. Ὑπεγράφη ἡ σύμβασις διὰ τὴν κατασκευὴν τοῦ νέου ἔργου. Ἡ Βουλὴ θὰ συνεδριάσῃ τὴν προσεχῆ Τρίτην.
ΑΘΗΝΑΙ, 23. Ἐπιδόθησαν τὰ διαπιστευτήρια τοῦ νέου πρέσβεως. Ὁ Ὑπουργὸς τῶν Συντονισμοῦ ἐδέχθη ἀντιπροσωπείαν βιομηχάνων. Ὑπεγράφη ἡ σύμβασις διὰ τὴν κατασκευὴν τοῦ νέου ἔργου. Ἡ Βουλὴ θὰ συνεδριάσῃ τὴν προσεχῆ Τρίτην.
ΕΠΙΤΡΕΠΕΤΑΙ ΣΗΜΕΡΟΝ ΚΑΤ' ΕΞΑΙΡΕΣΙΝ Η ΠΩΛΗΣΙΣ ΚΡΕΑΤΩΝ ΑΜΝΩΝ ΚΑΙ ΕΡΙΦΙΩΝ
ΑΘΗΝΑΙ, 23. Ἀπεφασίσθη ὅπως σήμερον ἐπιτραπῇ κατ' ἐξαίρεσιν ἡ πώλησις κρεάτων ἀμνῶν καὶ ἐριφίων.
Ο ΙΑΤΡΟΣ ΤΣΙΡΩΝΗΣ ΔΙΕΚΟΨΕ ΤΗΝ ΑΠΕΡΓΙΑΝ ΠΕΙΝΗΣ
ΑΘΗΝΑΙ, 23. Κατόπιν ἀποφάσεως τοῦ ἁρμοδίου ὑπουργοῦ ὁ ἰατρὸς Τσιρώνης διέκοψε τὴν ἀπεργίαν πείνης εἰς τὴν ὁποίαν εἶχε προβῇ.
ΥΠΑΓΕΤΑΙ ΕΙΣ ΦΟΡΟΝ Η ΕΙΣ ΑΓΙΟΝ ΟΡΟΣ ΥΛΟΤΟΜΟΥΜΕΝΗ ΞΥΛΕΙΑ
ΑΘΗΝΑΙ, 23. Τὸ ὑπουργεῖον Οἰκονομικῶν ἐξέδωσεν ἀπόφασιν διὰ τῆς ὁποίας ἡ ὑλοτομουμένη ξυλεία εἰς Ἅγιον Ὄρος ὑπάγεται εἰς φόρον.
ΔΙΕΥΘΥΝΣΗ ΤΟ Ν.Δ. ΠΕΡΙ ΣΥΝΤΑΞΙΟΔΟΤΗΣΕΩΣ ΤΩΝ ΙΑΤΡΩΝ ΤΟΥ Ι.Κ.Α.
ΑΘΗΝΑΙ, 23. Ἐξ ἀφορμῆς σχετικῶν ἐρωτήσεων διευκρινίζεται ὅτι τὸ Ν.Δ. ἰσχύει διὰ πάντας τοὺς ἰατροὺς τοῦ Ἱδρύματος.
ΣΥΝΤΟΜΟΙ ΕΡΓΑΤΙΚΑΙ ΕΙΔΗΣΕΙΣ
Τὸ ΕΚΟ θὰ εἰσηγηθῇ τὴν αὔξησιν τῶν ἡμερομισθίων τῶν ἐργατῶν. Ἡ Ὁμοσπονδία τῶν οἰκοδόμων συνῆλθε χθὲς εἰς σύσκεψιν. Αἱ ἐργατικαὶ ὀργανώσεις ἐζήτησαν τὴν λῆψιν μέτρων διὰ τὴν ἀνεργίαν. Τὸ Ἐργατικὸν Κέντρον Θεσσαλονίκης ἐξέδωσεν ἀνακοινωθὲν.
Τὸ ΕΚΟ θὰ εἰσηγηθῇ τὴν αὔξησιν τῶν ἡμερομισθίων τῶν ἐργατῶν. Ἡ Ὁμοσπονδία τῶν οἰκοδόμων συνῆλθε χθὲς εἰς σύσκεψιν. Αἱ ἐργατικαὶ ὀργανώσεις ἐζήτησαν τὴν λῆψιν μέτρων διὰ τὴν ἀνεργίαν. Τὸ Ἐργατικὸν Κέντρον Θεσσαλονίκης ἐξέδωσεν ἀνακοινωθὲν.
Τὸ ΕΚΟ θὰ εἰσηγηθῇ τὴν αὔξησιν τῶν ἡμερομισθίων τῶν ἐργατῶν. Ἡ Ὁμοσπονδία τῶν οἰκοδόμων συνῆλθε χθὲς εἰς σύσκεψιν. Αἱ ἐργατικαὶ ὀργανώσεις ἐζήτησαν τὴν λῆψιν μέτρων διὰ τὴν ἀνεργίαν. Τὸ Ἐργατικὸν Κέντρον Θεσσαλονίκης ἐξέδωσεν ἀνακοινωθὲν.
Τὸ ΕΚΟ θὰ εἰσηγηθῇ τὴν αὔξησιν τῶν ἡμερομισθίων τῶν ἐργατῶν. Ἡ Ὁμοσπονδία τῶν οἰκοδόμων συνῆλθε χθὲς εἰς σύσκεψιν. Αἱ ἐργατικαὶ ὀργανώσεις ἐζήτησαν τὴν λῆψιν μέτρων διὰ τὴν ἀνεργίαν. Τὸ Ἐργατικὸν Κέντρον Θεσσαλονίκης ἐξέδωσεν ἀνακοινωθὲν.
ΑΠΕΘΑΝΕ ΔΙΑΣΗΜΟΣ ΡΩΣΣΟΣ ΑΡΧΙΤΕΚΤΩΝ
ΜΟΣΧΑ, 23. Ἀπεβίωσεν ὁ διάσημος Ρῶσσος ἀρχιτέκτων εἰς ἡλικίαν 71 ἐτῶν.
ΟΥΓΓΡΙΚΗ ΑΠΟΣΤΟΛΗ ΕΙΣ ΤΗΝ ΙΑΠΩΝΙΑΝ
ΒΙΕΝΝΗ, 23. Οὐγγρικὴ ἐμπορικὴ ἀποστολὴ ἀνεχώρησε διὰ τὴν Ἰαπωνίαν.
ΠΑΡΕΤΑΘΗ Η ΠΡΟΘΕΣΜΙΑ ΔΙΑ ΤΗΝ ΣΥΓΚΕΝΤΡΩΣΙΝ ΣΙΤΟΥ
ΑΘΗΝΑΙ, 23. Δι' ἀποφάσεως τοῦ ὑπουργοῦ Γεωργίας παρετάθη ἡ προθεσμία διὰ τὴν συγκέντρωσιν σίτου.
